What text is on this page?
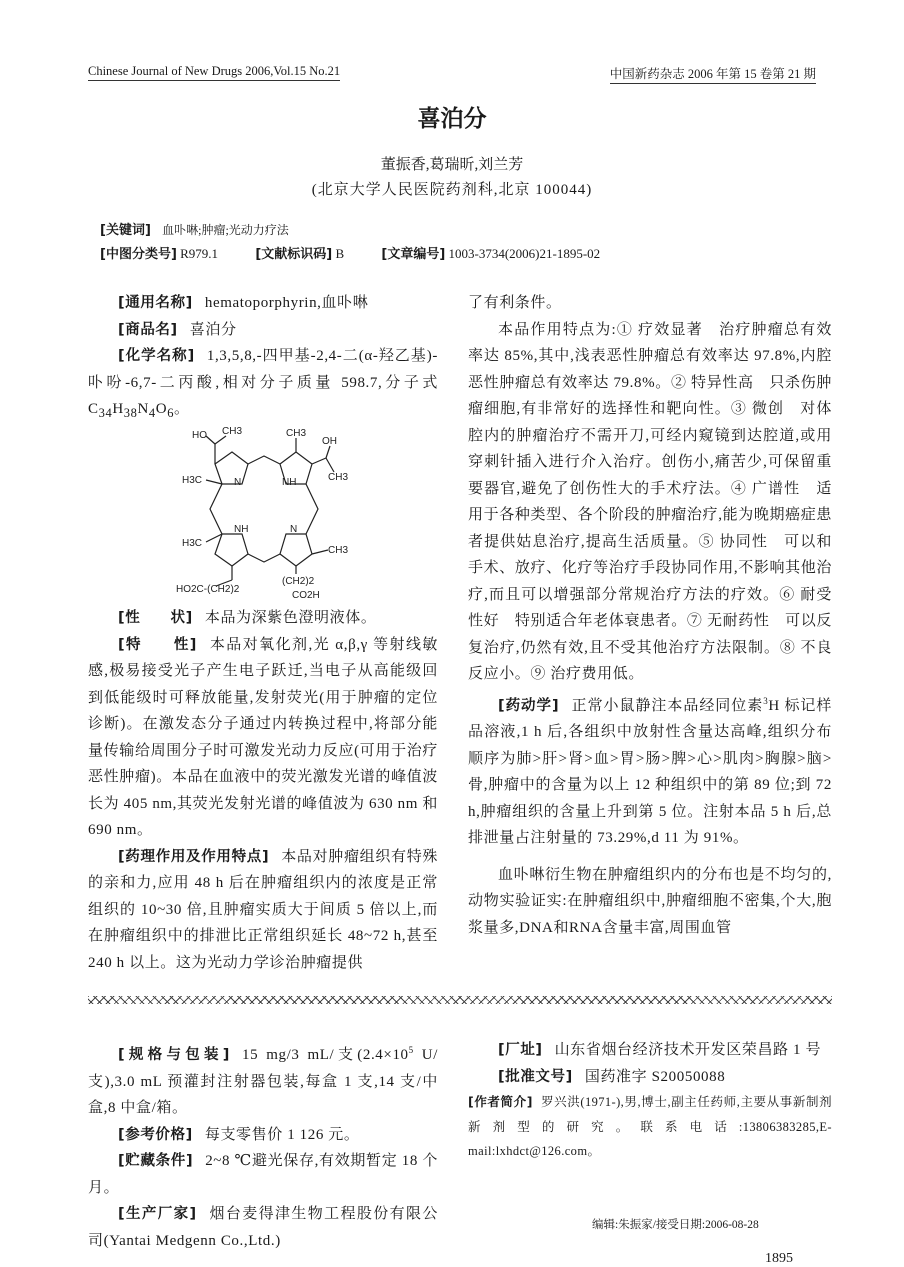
Chinese Journal of New Drugs 2006,Vol.15 No.21	中国新药杂志 2006 年第 15 卷第 21 期
喜泊分
董振香,葛瑞昕,刘兰芳
(北京大学人民医院药剂科,北京 100044)
[关键词] 血卟啉;肿瘤;光动力疗法
[中图分类号] R979.1	[文献标识码] B	[文章编号] 1003-3734(2006)21-1895-02

[通用名称] hematoporphyrin,血卟啉

[商品名] 喜泊分

[化学名称] 1,3,5,8,-四甲基-2,4-二(α-羟乙基)-卟吩-6,7-二丙酸,相对分子质量 598.7,分子式 $C_{34}H_{38}N_4O_6$。

HO CH3	CH3
OH
CH3
H3C	N	NH
NH	N
CH3
H3C
HO2C-(CH2)2
(CH2)2
CO2H

[性　　状] 本品为深紫色澄明液体。

[特　　性] 本品对氧化剂,光 α,β,γ 等射线敏感,极易接受光子产生电子跃迁,当电子从高能级回到低能级时可释放能量,发射荧光(用于肿瘤的定位诊断)。在激发态分子通过内转换过程中,将部分能量传输给周围分子时可激发光动力反应(可用于治疗恶性肿瘤)。本品在血液中的荧光激发光谱的峰值波长为 405 nm,其荧光发射光谱的峰值波为 630 nm 和 690 nm。

[药理作用及作用特点] 本品对肿瘤组织有特殊的亲和力,应用 48 h 后在肿瘤组织内的浓度是正常组织的 10~30 倍,且肿瘤实质大于间质 5 倍以上,而在肿瘤组织中的排泄比正常组织延长 48~72 h,甚至 240 h 以上。这为光动力学诊治肿瘤提供

了有利条件。

本品作用特点为:① 疗效显著　治疗肿瘤总有效率达 85%,其中,浅表恶性肿瘤总有效率达 97.8%,内腔恶性肿瘤总有效率达 79.8%。② 特异性高　只杀伤肿瘤细胞,有非常好的选择性和靶向性。③ 微创　对体腔内的肿瘤治疗不需开刀,可经内窥镜到达腔道,或用穿刺针插入进行介入治疗。创伤小,痛苦少,可保留重要器官,避免了创伤性大的手术疗法。④ 广谱性　适用于各种类型、各个阶段的肿瘤治疗,能为晚期癌症患者提供姑息治疗,提高生活质量。⑤ 协同性　可以和手术、放疗、化疗等治疗手段协同作用,不影响其他治疗,而且可以增强部分常规治疗方法的疗效。⑥ 耐受性好　特别适合年老体衰患者。⑦ 无耐药性　可以反复治疗,仍然有效,且不受其他治疗方法限制。⑧ 不良反应小。⑨ 治疗费用低。

[药动学] 正常小鼠静注本品经同位素$^3$H 标记样品溶液,1 h 后,各组织中放射性含量达高峰,组织分布顺序为肺>肝>肾>血>胃>肠>脾>心>肌肉>胸腺>脑>骨,肿瘤中的含量为以上 12 种组织中的第 89 位;到 72 h,肿瘤组织的含量上升到第 5 位。注射本品 5 h 后,总排泄量占注射量的 73.29%,d 11 为 91%。

血卟啉衍生物在肿瘤组织内的分布也是不均匀的,动物实验证实:在肿瘤组织中,肿瘤细胞不密集,个大,胞浆量多,DNA和RNA含量丰富,周围血管

[规格与包装] 15 mg/3 mL/支($2.4\times 10^5$ U/支),3.0 mL 预灌封注射器包装,每盒 1 支,14 支/中盒,8 中盒/箱。

[参考价格] 每支零售价 1 126 元。

[贮藏条件] 2~8 ℃避光保存,有效期暂定 18 个月。

[生产厂家] 烟台麦得津生物工程股份有限公司(Yantai Medgenn Co.,Ltd.)

[厂址] 山东省烟台经济技术开发区荣昌路 1 号

[批准文号] 国药准字 S20050088

[作者简介] 罗兴洪(1971-),男,博士,副主任药师,主要从事新制剂新剂型的研究。联系电话:13806383285,E-mail:lxhdct@126.com。

编辑:朱振家/接受日期:2006-08-28
1895
